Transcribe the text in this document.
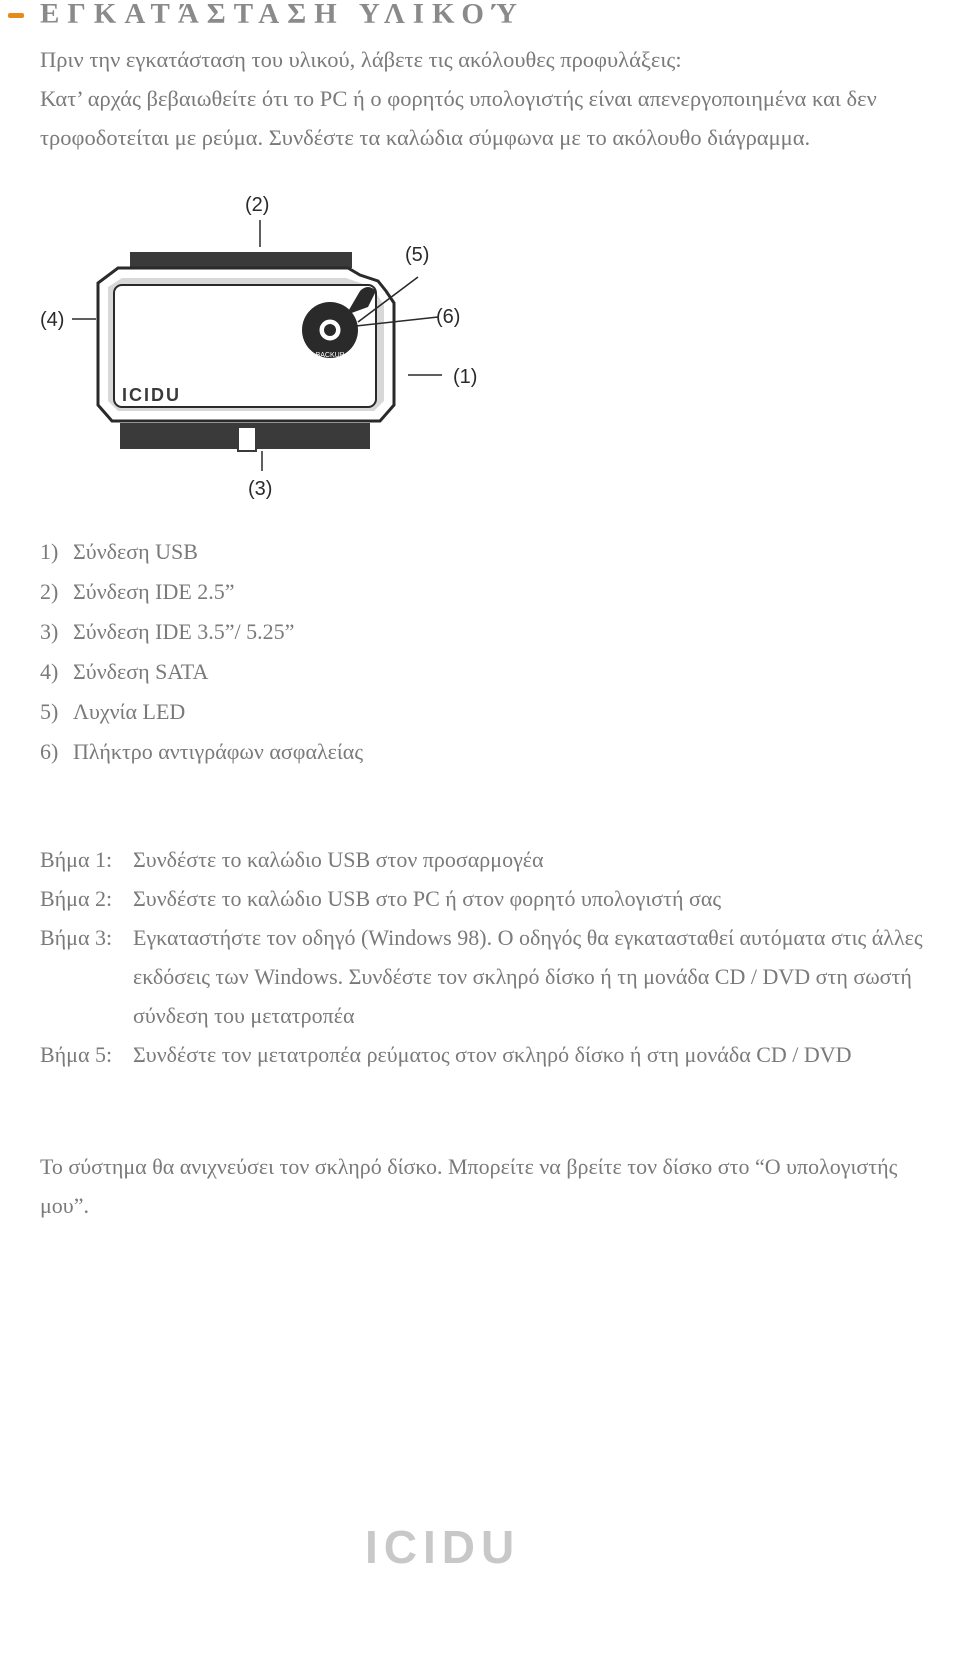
ΕΓΚΑΤΆΣΤΑΣΗ ΥΛΙΚΟΎ

Πριν την εγκατάσταση του υλικού, λάβετε τις ακόλουθες προφυλάξεις:

Κατ’ αρχάς βεβαιωθείτε ότι το PC ή ο φορητός υπολογιστής είναι απενεργοποιημένα και δεν τροφοδοτείται με ρεύμα. Συνδέστε τα καλώδια σύμφωνα με το ακόλουθο διάγραμμα.

BACKUP
ICIDU
(1)
(2)
(3)
(4)
(5)
(6)
1) Σύνδεση USB
2) Σύνδεση IDE 2.5”
3) Σύνδεση IDE 3.5”/ 5.25”
4) Σύνδεση SATA
5) Λυχνία LED
6) Πλήκτρο αντιγράφων ασφαλείας
Βήμα 1: Συνδέστε το καλώδιο USB στον προσαρμογέα
Βήμα 2: Συνδέστε το καλώδιο USB στο PC ή στον φορητό υπολογιστή σας
Βήμα 3: Εγκαταστήστε τον οδηγό (Windows 98). Ο οδηγός θα εγκατασταθεί αυτόματα στις άλλες εκδόσεις των Windows. Συνδέστε τον σκληρό δίσκο ή τη μονάδα CD / DVD στη σωστή σύνδεση του μετατροπέα
Βήμα 5: Συνδέστε τον μετατροπέα ρεύματος στον σκληρό δίσκο ή στη μονάδα CD / DVD

Το σύστημα θα ανιχνεύσει τον σκληρό δίσκο. Μπορείτε να βρείτε τον δίσκο στο “Ο υπολογιστής μου”.

ICIDU
